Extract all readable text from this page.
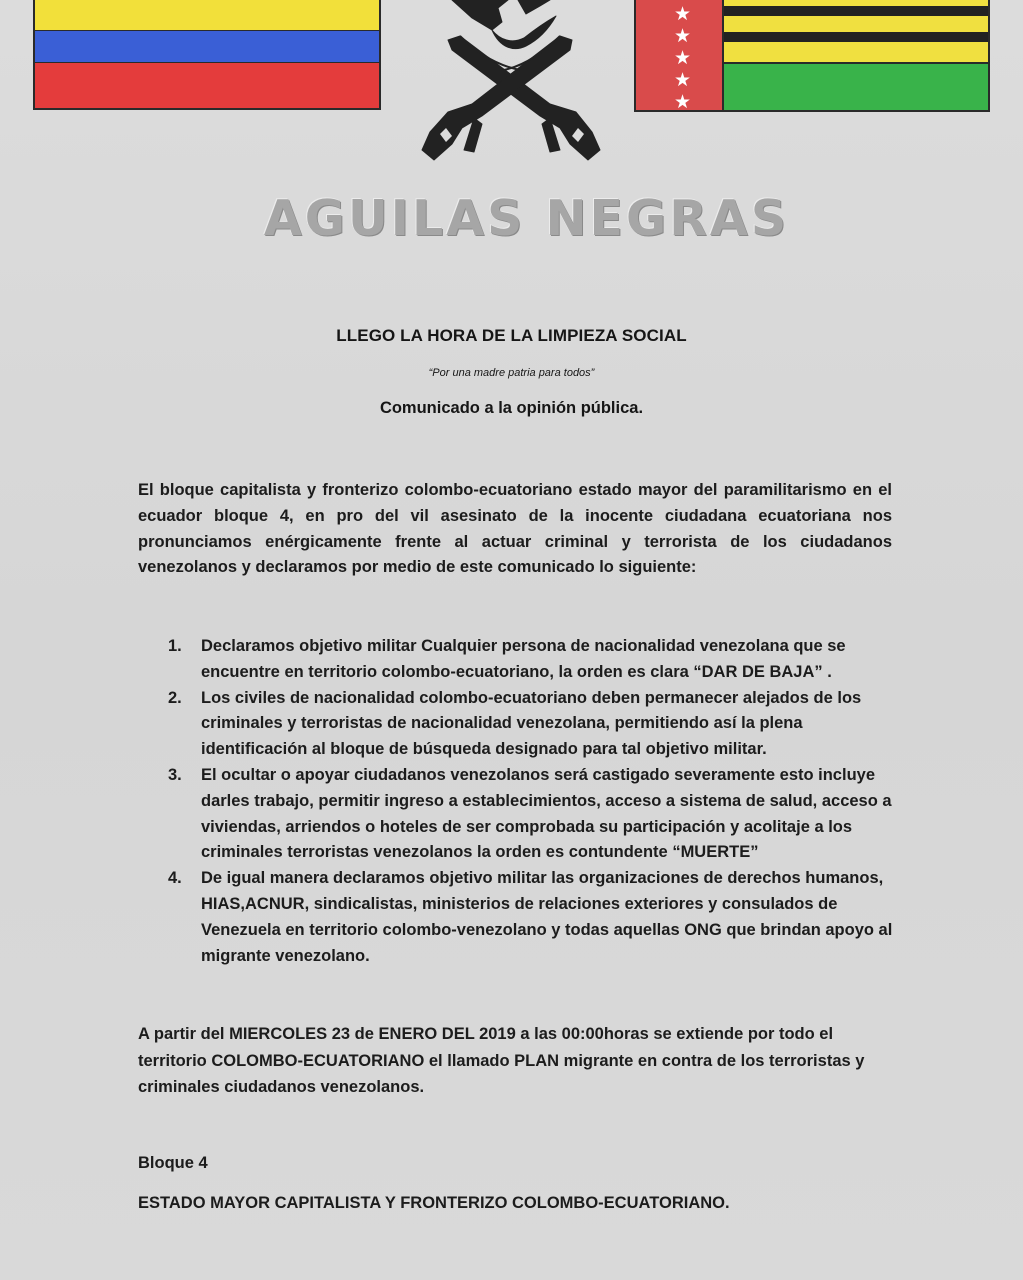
★
★
★
★
★
AGUILAS NEGRAS

LLEGO LA HORA DE LA LIMPIEZA SOCIAL

“Por una madre patria para todos”

Comunicado a la opinión pública.

El bloque capitalista y fronterizo colombo-ecuatoriano estado mayor del paramilitarismo en el ecuador bloque 4, en pro del vil asesinato de la inocente ciudadana ecuatoriana nos pronunciamos enérgicamente frente al actuar criminal y terrorista de los ciudadanos venezolanos y declaramos por medio de este comunicado lo siguiente:

1.	Declaramos objetivo militar Cualquier persona de nacionalidad venezolana que se encuentre en territorio colombo-ecuatoriano, la orden es clara “DAR DE BAJA” .
2.	Los civiles de nacionalidad colombo-ecuatoriano deben permanecer alejados de los criminales y terroristas de nacionalidad venezolana, permitiendo así la plena identificación al bloque de búsqueda designado para tal objetivo militar.
3.	El ocultar o apoyar ciudadanos venezolanos será castigado severamente esto incluye darles trabajo, permitir ingreso a establecimientos, acceso a sistema de salud, acceso a viviendas, arriendos o hoteles de ser comprobada su participación y acolitaje a los criminales terroristas venezolanos la orden es contundente “MUERTE”
4.	De igual manera declaramos objetivo militar las organizaciones de derechos humanos, HIAS,ACNUR, sindicalistas, ministerios de relaciones exteriores y consulados de Venezuela en territorio colombo-venezolano y todas aquellas ONG que brindan apoyo al migrante venezolano.

A partir del MIERCOLES 23 de ENERO DEL 2019 a las 00:00horas se extiende por todo el territorio COLOMBO-ECUATORIANO el llamado PLAN migrante en contra de los terroristas y criminales ciudadanos venezolanos.

Bloque 4

ESTADO MAYOR CAPITALISTA Y FRONTERIZO COLOMBO-ECUATORIANO.
